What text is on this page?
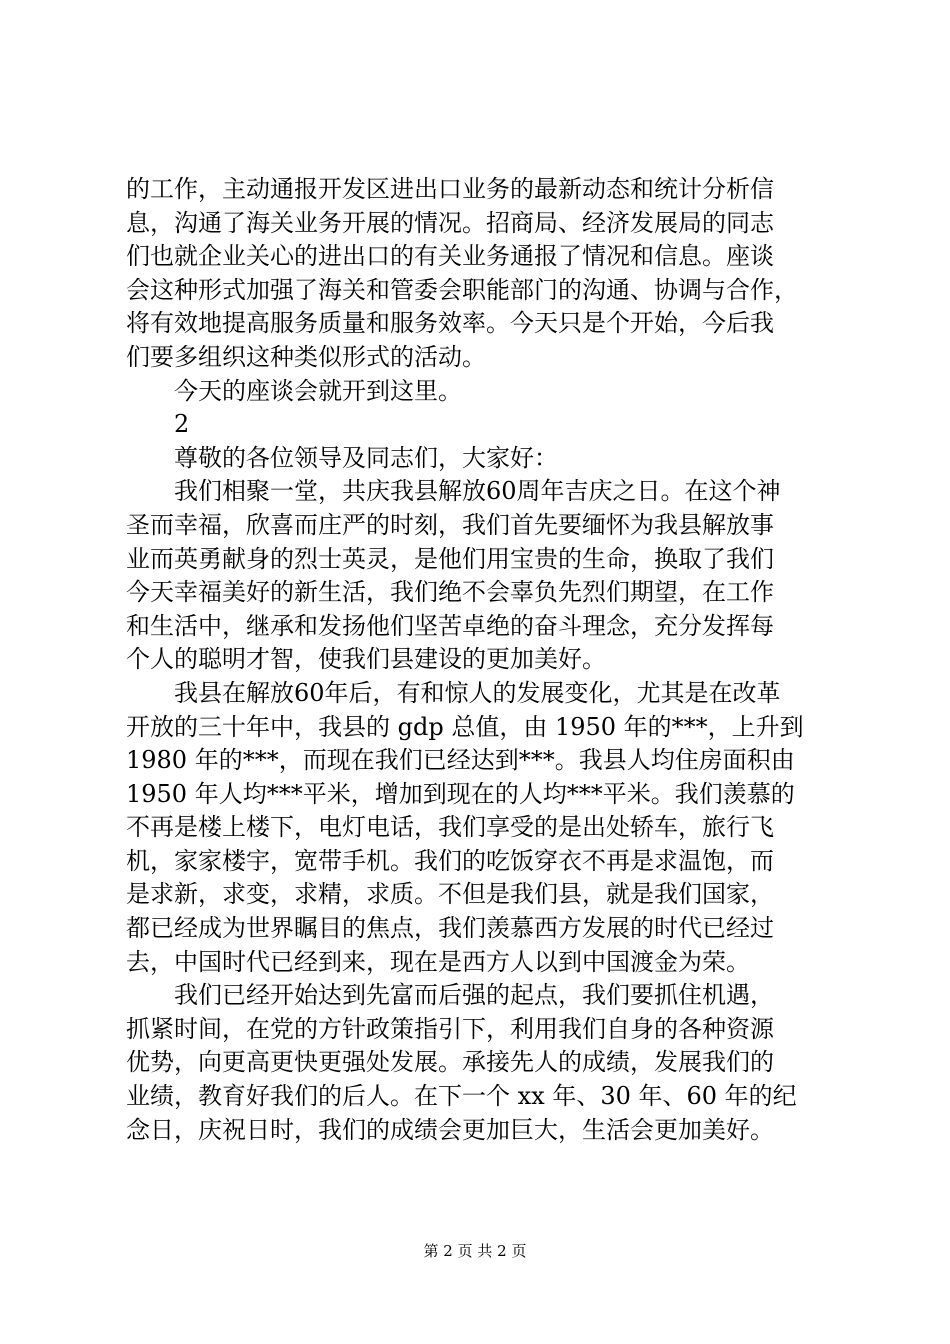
的工作，主动通报开发区进出口业务的最新动态和统计分析信
息，沟通了海关业务开展的情况。招商局、经济发展局的同志
们也就企业关心的进出口的有关业务通报了情况和信息。座谈
会这种形式加强了海关和管委会职能部门的沟通、协调与合作，
将有效地提高服务质量和服务效率。今天只是个开始，今后我
们要多组织这种类似形式的活动。
今天的座谈会就开到这里。
2
尊敬的各位领导及同志们，大家好：
我们相聚一堂，共庆我县解放60周年吉庆之日。在这个神
圣而幸福，欣喜而庄严的时刻，我们首先要缅怀为我县解放事
业而英勇献身的烈士英灵，是他们用宝贵的生命，换取了我们
今天幸福美好的新生活，我们绝不会辜负先烈们期望，在工作
和生活中，继承和发扬他们坚苦卓绝的奋斗理念，充分发挥每
个人的聪明才智，使我们县建设的更加美好。
我县在解放60年后，有和惊人的发展变化，尤其是在改革
开放的三十年中，我县的 gdp 总值，由 1950 年的***，上升到
1980 年的***，而现在我们已经达到***。我县人均住房面积由
1950 年人均***平米，增加到现在的人均***平米。我们羡慕的
不再是楼上楼下，电灯电话，我们享受的是出处轿车，旅行飞
机，家家楼宇，宽带手机。我们的吃饭穿衣不再是求温饱，而
是求新，求变，求精，求质。不但是我们县，就是我们国家，
都已经成为世界瞩目的焦点，我们羡慕西方发展的时代已经过
去，中国时代已经到来，现在是西方人以到中国渡金为荣。
我们已经开始达到先富而后强的起点，我们要抓住机遇，
抓紧时间，在党的方针政策指引下，利用我们自身的各种资源
优势，向更高更快更强处发展。承接先人的成绩，发展我们的
业绩，教育好我们的后人。在下一个 xx 年、30 年、60 年的纪
念日，庆祝日时，我们的成绩会更加巨大，生活会更加美好。
第 2 页 共 2 页
